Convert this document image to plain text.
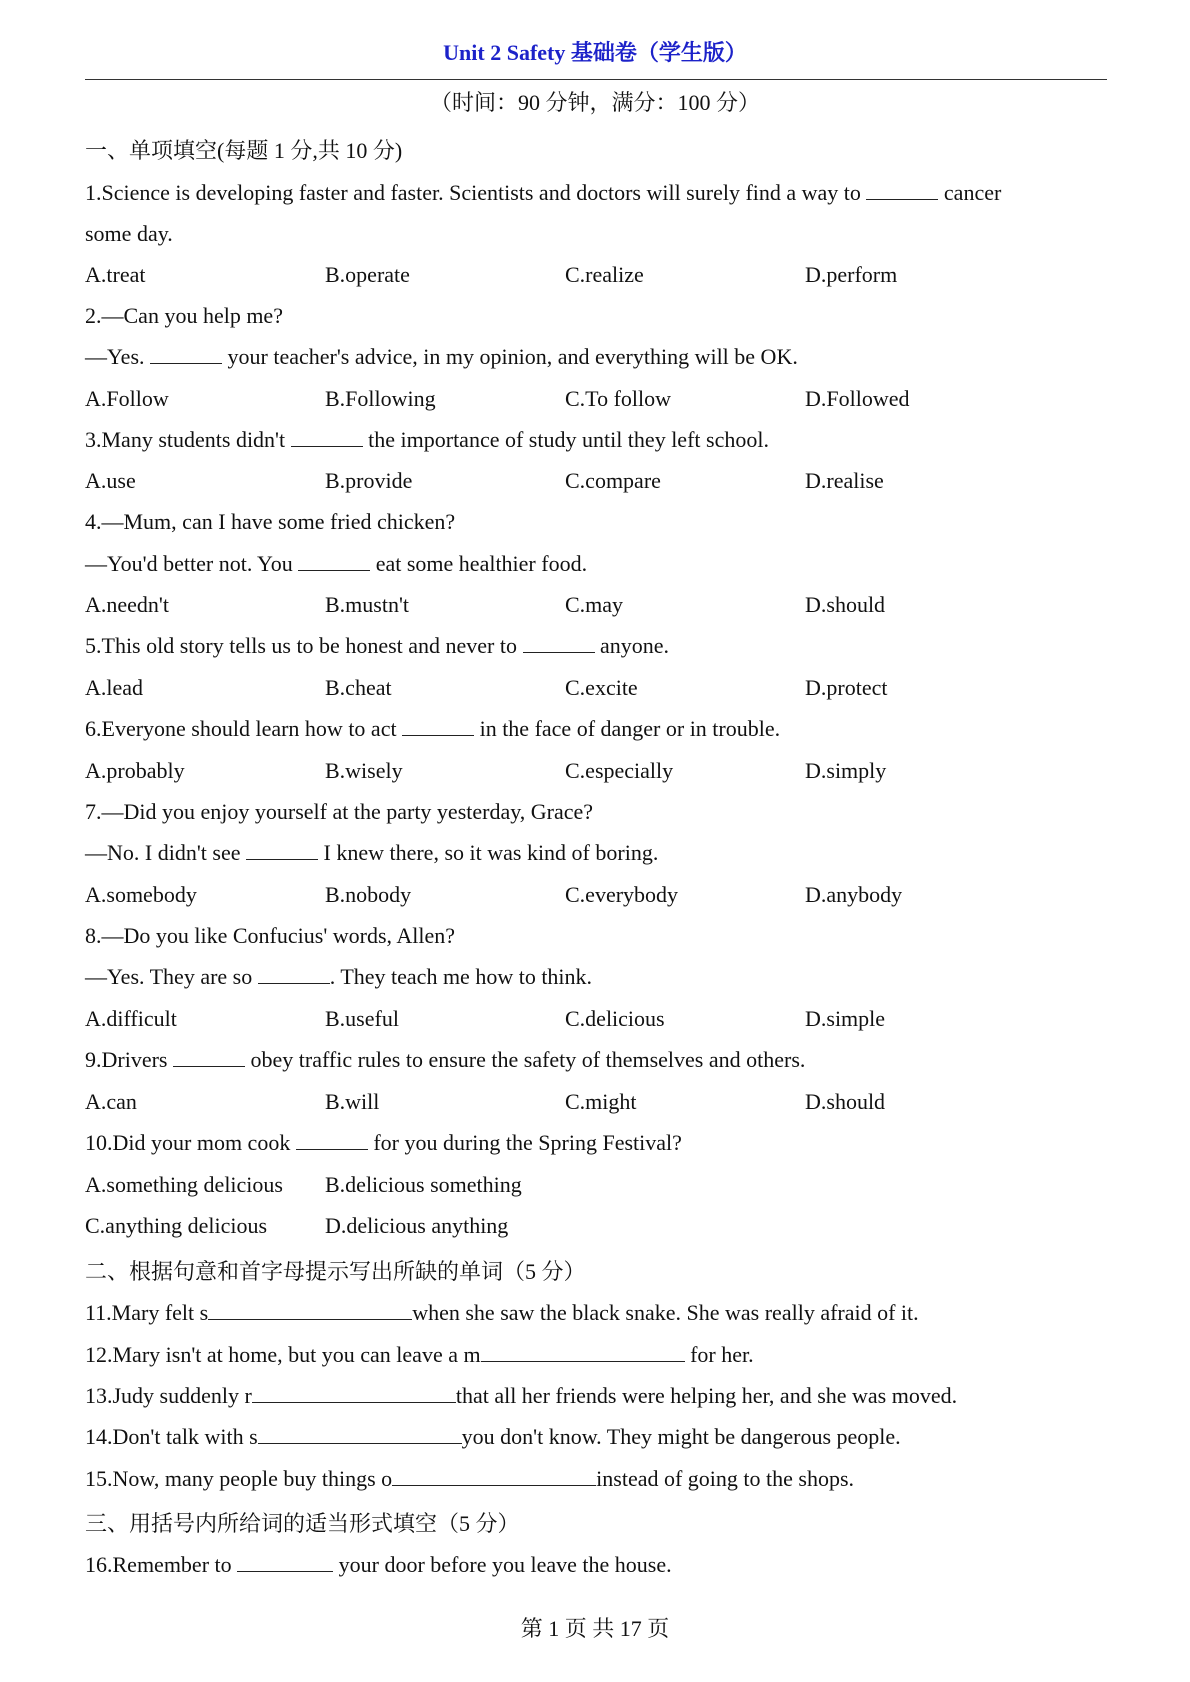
Unit 2 Safety 基础卷（学生版）
（时间：90 分钟，满分：100 分）
一、单项填空(每题 1 分,共 10 分)
1.Science is developing faster and faster. Scientists and doctors will surely find a way to	cancer
some day.
A.treat	B.operate	C.realize	D.perform
2.—Can you help me?
—Yes.	your teacher's advice, in my opinion, and everything will be OK.
A.Follow	B.Following	C.To follow	D.Followed
3.Many students didn't	the importance of study until they left school.
A.use	B.provide	C.compare	D.realise
4.—Mum, can I have some fried chicken?
—You'd better not. You	eat some healthier food.
A.needn't	B.mustn't	C.may	D.should
5.This old story tells us to be honest and never to	anyone.
A.lead	B.cheat	C.excite	D.protect
6.Everyone should learn how to act	in the face of danger or in trouble.
A.probably	B.wisely	C.especially	D.simply
7.—Did you enjoy yourself at the party yesterday, Grace?
—No. I didn't see	I knew there, so it was kind of boring.
A.somebody	B.nobody	C.everybody	D.anybody
8.—Do you like Confucius' words, Allen?
—Yes. They are so	. They teach me how to think.
A.difficult	B.useful	C.delicious	D.simple
9.Drivers	obey traffic rules to ensure the safety of themselves and others.
A.can	B.will	C.might	D.should
10.Did your mom cook	for you during the Spring Festival?
A.something delicious B.delicious something
C.anything delicious	D.delicious anything
二、根据句意和首字母提示写出所缺的单词（5 分）
11.Mary felt s	when she saw the black snake. She was really afraid of it.
12.Mary isn't at home, but you can leave a m	for her.
13.Judy suddenly r	that all her friends were helping her, and she was moved.
14.Don't talk with s	you don't know. They might be dangerous people.
15.Now, many people buy things o	instead of going to the shops.
三、用括号内所给词的适当形式填空（5 分）
16.Remember to	your door before you leave the house.
第 1 页 共 17 页
